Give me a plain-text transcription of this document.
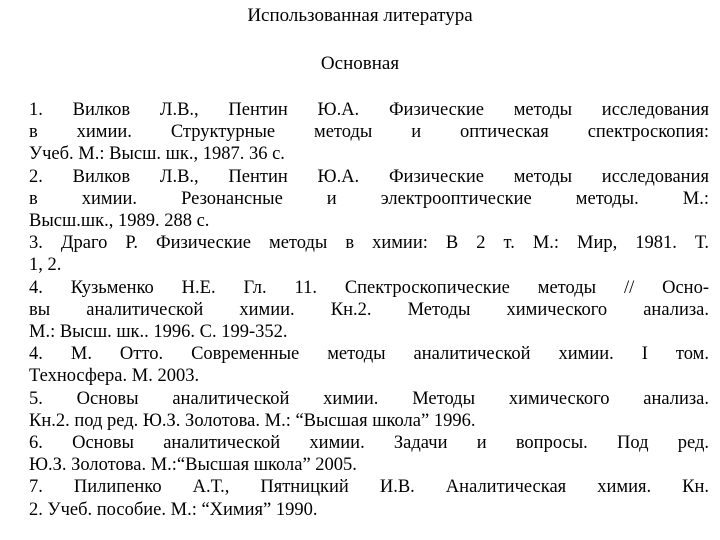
Использованная литература
Основная
1. Вилков Л.В., Пентин Ю.А. Физические методы исследования
в химии. Структурные методы и оптическая спектроскопия:
Учеб. М.: Высш. шк., 1987. 36 с.
2. Вилков Л.В., Пентин Ю.А. Физические методы исследования
в химии. Резонансные и электрооптические методы. М.:
Высш.шк., 1989. 288 с.
3. Драго Р. Физические методы в химии: В 2 т. М.: Мир, 1981. Т.
1, 2.
4. Кузьменко Н.Е. Гл. 11. Спектроскопические методы // Осно-
вы аналитической химии. Кн.2. Методы химического анализа.
М.: Высш. шк.. 1996. С. 199-352.
4. М. Отто. Современные методы аналитической химии. I том.
Техносфера. М. 2003.
5. Основы аналитической химии. Методы химического анализа.
Кн.2. под ред. Ю.З. Золотова. М.: “Высшая школа” 1996.
6. Основы аналитической химии. Задачи и вопросы. Под ред.
Ю.З. Золотова. М.:“Высшая школа” 2005.
7. Пилипенко А.Т., Пятницкий И.В. Аналитическая химия. Кн.
2. Учеб. пособие. М.: “Химия” 1990.
